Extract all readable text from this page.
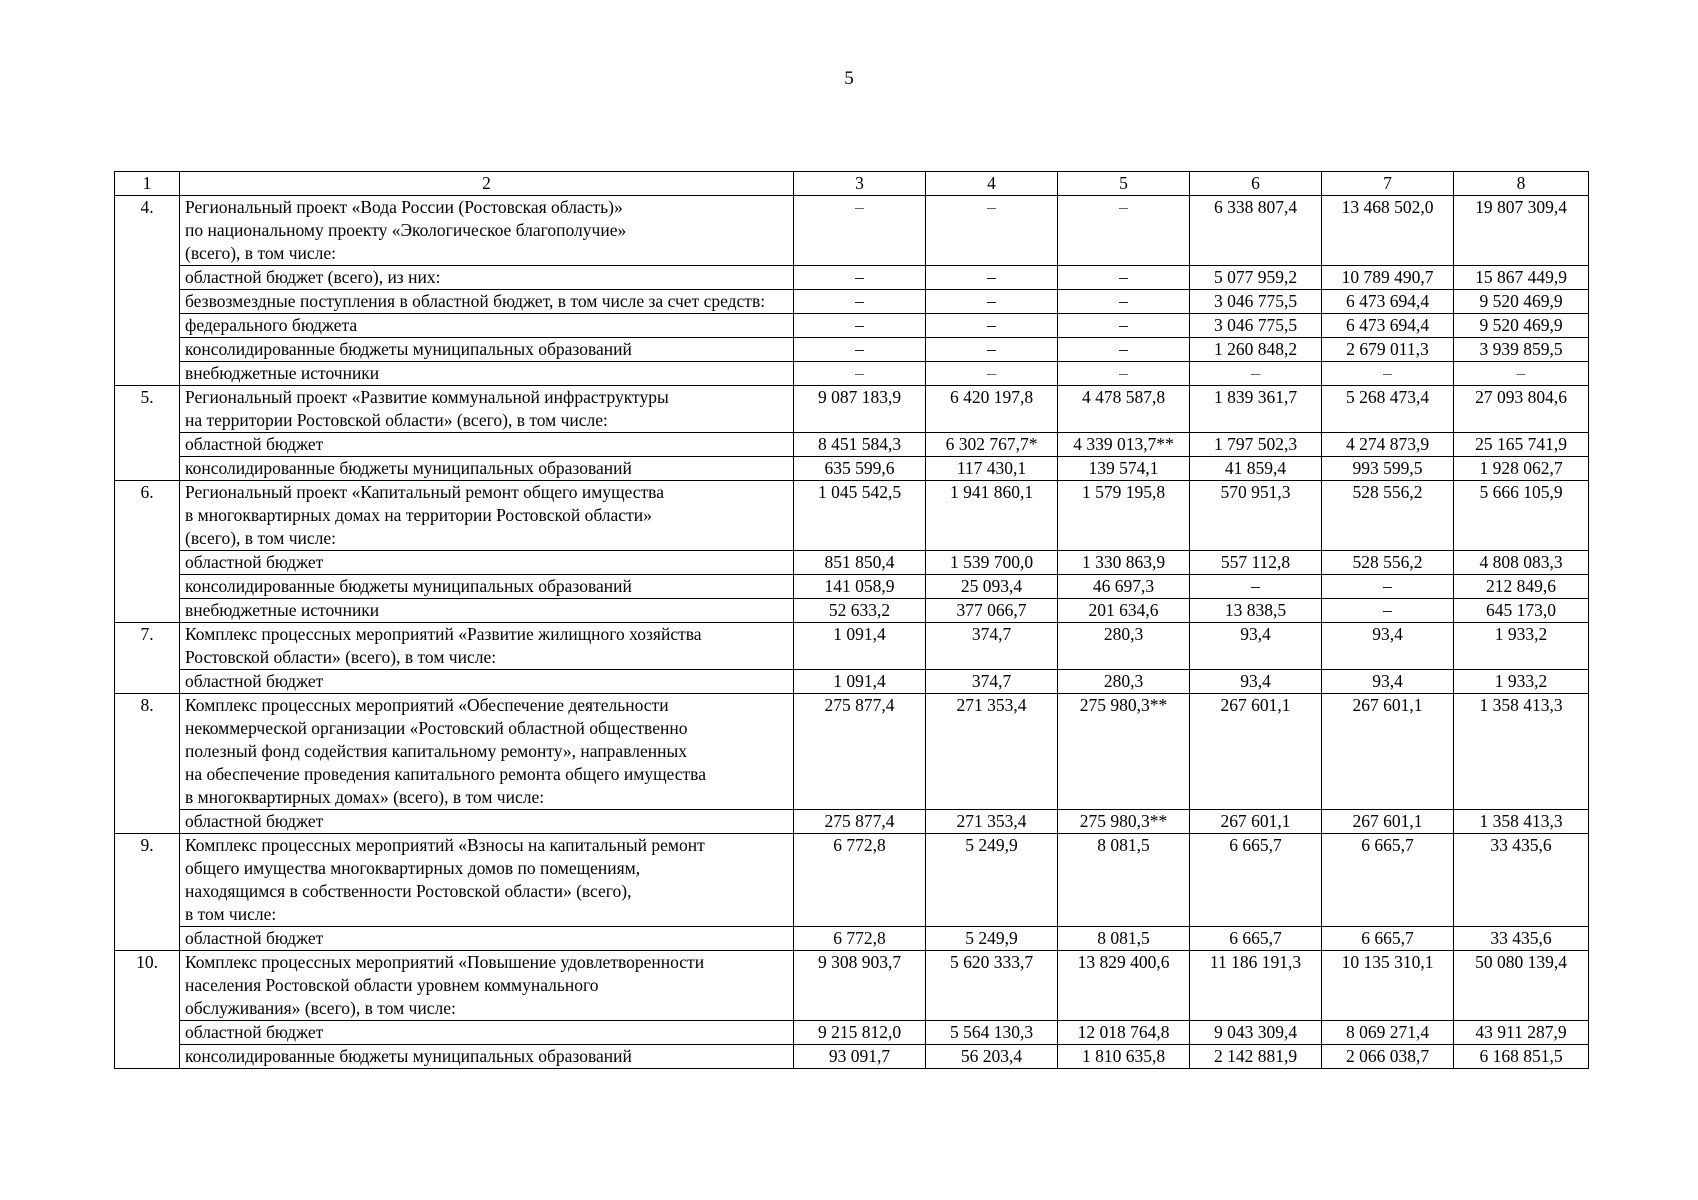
5
1	2	3	4	5	6	7	8
4.	Региональный проект «Вода России (Ростовская область)»
по национальному проекту «Экологическое благополучие»
(всего), в том числе:	–	–	–	6 338 807,4	13 468 502,0	19 807 309,4
	областной бюджет (всего), из них:	–	–	–	5 077 959,2	10 789 490,7	15 867 449,9
	безвозмездные поступления в областной бюджет, в том числе за счет средств:	–	–	–	3 046 775,5	6 473 694,4	9 520 469,9
	федерального бюджета	–	–	–	3 046 775,5	6 473 694,4	9 520 469,9
	консолидированные бюджеты муниципальных образований	–	–	–	1 260 848,2	2 679 011,3	3 939 859,5
	внебюджетные источники	–	–	–	–	–	–
5.	Региональный проект «Развитие коммунальной инфраструктуры
на территории Ростовской области» (всего), в том числе:	9 087 183,9	6 420 197,8	4 478 587,8	1 839 361,7	5 268 473,4	27 093 804,6
	областной бюджет	8 451 584,3	6 302 767,7*	4 339 013,7**	1 797 502,3	4 274 873,9	25 165 741,9
	консолидированные бюджеты муниципальных образований	635 599,6	117 430,1	139 574,1	41 859,4	993 599,5	1 928 062,7
6.	Региональный проект «Капитальный ремонт общего имущества
в многоквартирных домах на территории Ростовской области»
(всего), в том числе:	1 045 542,5	1 941 860,1	1 579 195,8	570 951,3	528 556,2	5 666 105,9
	областной бюджет	851 850,4	1 539 700,0	1 330 863,9	557 112,8	528 556,2	4 808 083,3
	консолидированные бюджеты муниципальных образований	141 058,9	25 093,4	46 697,3	–	–	212 849,6
	внебюджетные источники	52 633,2	377 066,7	201 634,6	13 838,5	–	645 173,0
7.	Комплекс процессных мероприятий «Развитие жилищного хозяйства
Ростовской области» (всего), в том числе:	1 091,4	374,7	280,3	93,4	93,4	1 933,2
	областной бюджет	1 091,4	374,7	280,3	93,4	93,4	1 933,2
8.	Комплекс процессных мероприятий «Обеспечение деятельности
некоммерческой организации «Ростовский областной общественно
полезный фонд содействия капитальному ремонту», направленных
на обеспечение проведения капитального ремонта общего имущества
в многоквартирных домах» (всего), в том числе:	275 877,4	271 353,4	275 980,3**	267 601,1	267 601,1	1 358 413,3
	областной бюджет	275 877,4	271 353,4	275 980,3**	267 601,1	267 601,1	1 358 413,3
9.	Комплекс процессных мероприятий «Взносы на капитальный ремонт
общего имущества многоквартирных домов по помещениям,
находящимся в собственности Ростовской области» (всего),
в том числе:	6 772,8	5 249,9	8 081,5	6 665,7	6 665,7	33 435,6
	областной бюджет	6 772,8	5 249,9	8 081,5	6 665,7	6 665,7	33 435,6
10.	Комплекс процессных мероприятий «Повышение удовлетворенности
населения Ростовской области уровнем коммунального
обслуживания» (всего), в том числе:	9 308 903,7	5 620 333,7	13 829 400,6	11 186 191,3	10 135 310,1	50 080 139,4
	областной бюджет	9 215 812,0	5 564 130,3	12 018 764,8	9 043 309,4	8 069 271,4	43 911 287,9
	консолидированные бюджеты муниципальных образований	93 091,7	56 203,4	1 810 635,8	2 142 881,9	2 066 038,7	6 168 851,5
